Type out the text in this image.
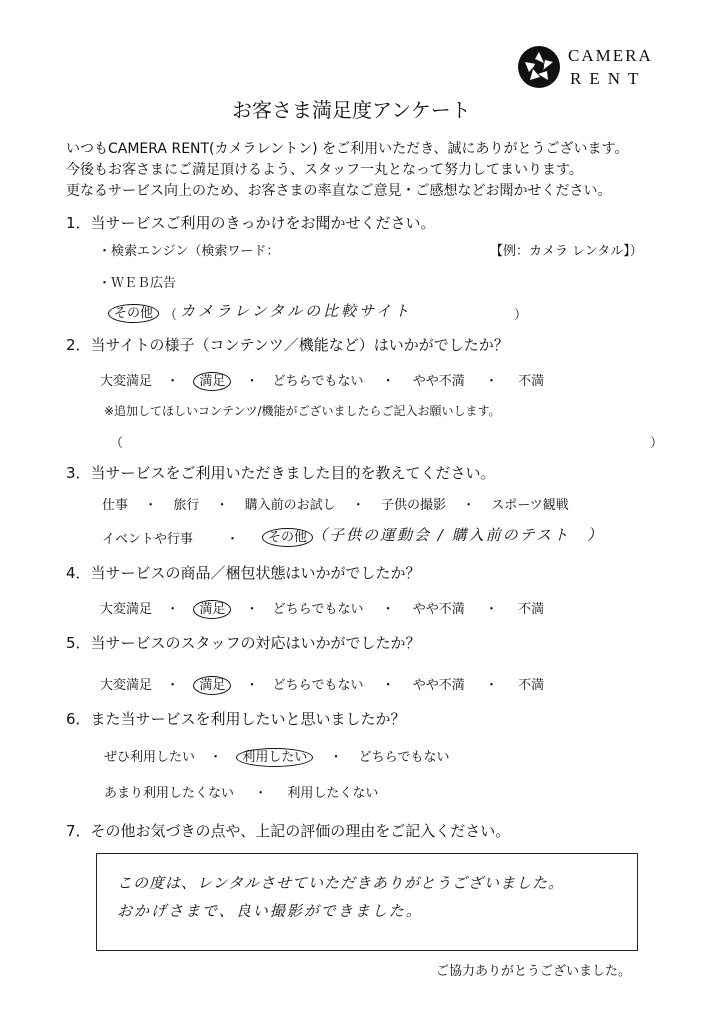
CAMERA
RENT
お客さま満足度アンケート
いつもCAMERA RENT(カメラレントン) をご利用いただき、誠にありがとうございます。
今後もお客さまにご満足頂けるよう、スタッフ一丸となって努力してまいります。
更なるサービス向上のため、お客さまの率直なご意見・ご感想などお聞かせください。
1．当サービスご利用のきっかけをお聞かせください。
・検索エンジン（検索ワード：	【例：カメラ レンタル】）
・ＷＥＢ広告
その他 （ カメラレンタルの比較サイト	）
2．当サイトの様子（コンテンツ／機能など）はいかがでしたか？
大変満足 ・ 満足 ・ どちらでもない ・ やや不満 ・ 不満
※追加してほしいコンテンツ/機能がございましたらご記入お願いします。
（	）
3．当サービスをご利用いただきました目的を教えてください。
仕事 ・ 旅行 ・ 購入前のお試し ・ 子供の撮影 ・ スポーツ観戦
イベントや行事	・	その他 （子供の運動会 / 購入前のテスト　）
4．当サービスの商品／梱包状態はいかがでしたか？
大変満足 ・ 満足 ・ どちらでもない ・ やや不満 ・ 不満
5．当サービスのスタッフの対応はいかがでしたか？
大変満足 ・ 満足 ・ どちらでもない ・ やや不満 ・ 不満
6．また当サービスを利用したいと思いましたか？
ぜひ利用したい ・ 利用したい ・ どちらでもない
あまり利用したくない ・ 利用したくない
7．その他お気づきの点や、上記の評価の理由をご記入ください。
この度は、レンタルさせていただきありがとうございました。
おかげさまで、良い撮影ができました。
ご協力ありがとうございました。
